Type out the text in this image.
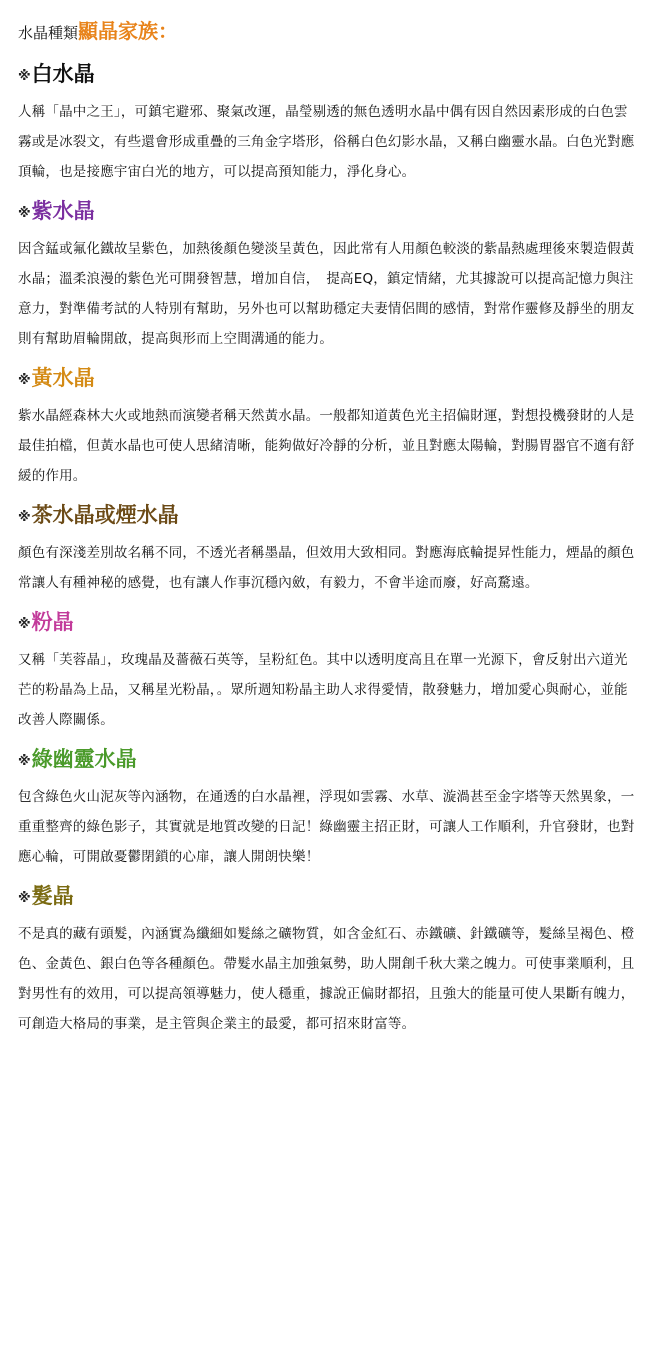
水晶種類顯晶家族：
※白水晶

人稱「晶中之王」，可鎮宅避邪、聚氣改運，晶瑩剔透的無色透明水晶中偶有因自然因素形成的白色雲霧或是冰裂文，有些還會形成重疊的三角金字塔形，俗稱白色幻影水晶，又稱白幽靈水晶。白色光對應頂輪，也是接應宇宙白光的地方，可以提高預知能力，淨化身心。

※紫水晶

因含錳或氟化鐵故呈紫色，加熱後顏色變淡呈黃色，因此常有人用顏色較淡的紫晶熱處理後來製造假黃水晶；溫柔浪漫的紫色光可開發智慧，增加自信，　提高EQ，鎮定情緒，尤其據說可以提高記憶力與注意力，對準備考試的人特別有幫助，另外也可以幫助穩定夫妻情侶間的感情，對常作靈修及靜坐的朋友則有幫助眉輪開啟，提高與形而上空間溝通的能力。

※黃水晶

紫水晶經森林大火或地熱而演變者稱天然黃水晶。一般都知道黃色光主招偏財運，對想投機發財的人是最佳拍檔，但黃水晶也可使人思緒清晰，能夠做好冷靜的分析，並且對應太陽輪，對腸胃器官不適有舒緩的作用。

※茶水晶或煙水晶

顏色有深淺差別故名稱不同，不透光者稱墨晶，但效用大致相同。對應海底輪提昇性能力，煙晶的顏色常讓人有種神秘的感覺，也有讓人作事沉穩內斂，有毅力，不會半途而廢，好高騖遠。

※粉晶

又稱「芙蓉晶」，玫瑰晶及薔薇石英等，呈粉紅色。其中以透明度高且在單一光源下，會反射出六道光芒的粉晶為上品，又稱星光粉晶，。眾所週知粉晶主助人求得愛情，散發魅力，增加愛心與耐心，並能改善人際關係。

※綠幽靈水晶

包含綠色火山泥灰等內涵物，在通透的白水晶裡，浮現如雲霧、水草、漩渦甚至金字塔等天然異象，一重重整齊的綠色影子，其實就是地質改變的日記！綠幽靈主招正財，可讓人工作順利，升官發財，也對應心輪，可開啟憂鬱閉鎖的心扉，讓人開朗快樂！

※髮晶

不是真的藏有頭髮，內涵實為纖細如髮絲之礦物質，如含金紅石、赤鐵礦、針鐵礦等，髮絲呈褐色、橙色、金黃色、銀白色等各種顏色。帶髮水晶主加強氣勢，助人開創千秋大業之魄力。可使事業順利，且對男性有的效用，可以提高領導魅力，使人穩重，據說正偏財都招，且強大的能量可使人果斷有魄力，可創造大格局的事業，是主管與企業主的最愛，都可招來財富等。
